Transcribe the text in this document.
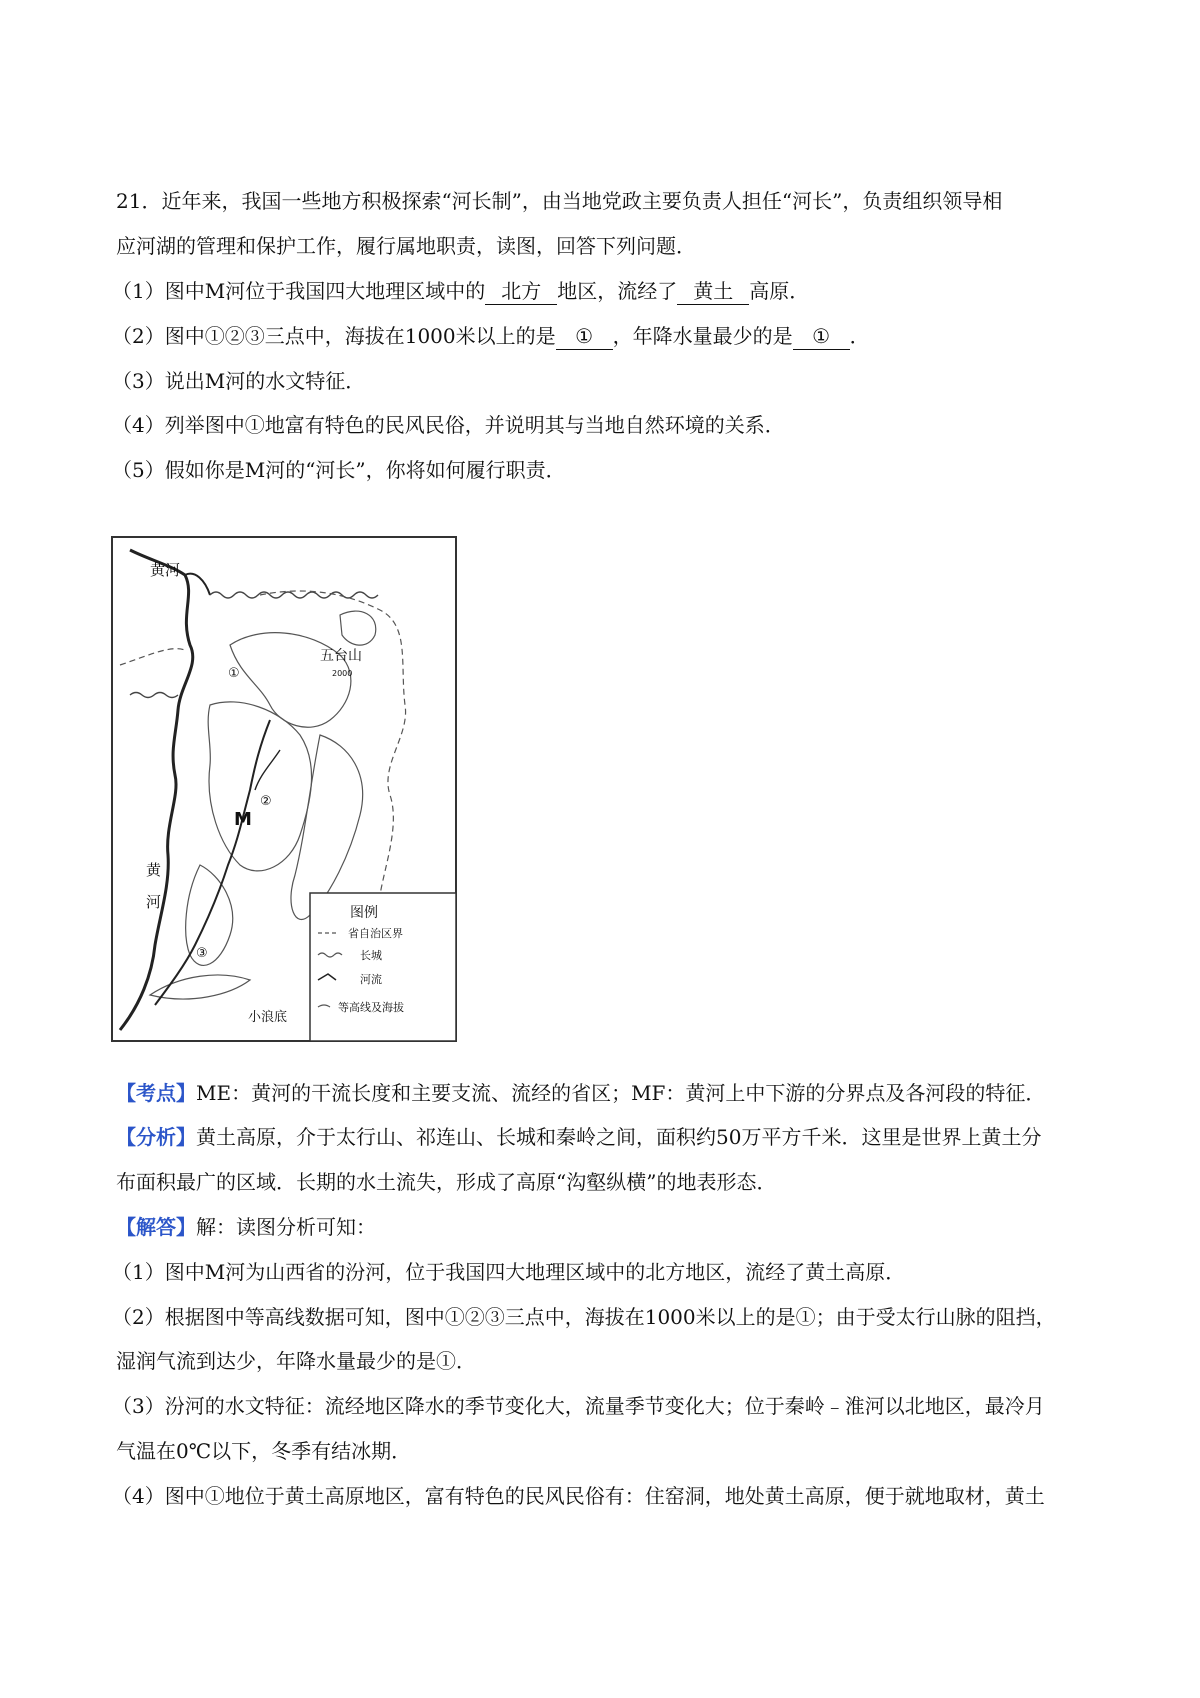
21．近年来，我国一些地方积极探索“河长制”，由当地党政主要负责人担任“河长”，负责组织领导相
应河湖的管理和保护工作，履行属地职责，读图，回答下列问题．
（1）图中M河位于我国四大地理区域中的 北方 地区，流经了 黄土 高原．
（2）图中①②③三点中，海拔在1000米以上的是 ① ，年降水量最少的是 ① ．
（3）说出M河的水文特征．
（4）列举图中①地富有特色的民风民俗，并说明其与当地自然环境的关系．
（5）假如你是M河的“河长”，你将如何履行职责．
黄河
五台山
2000
M
黄
河
①
②
③
小浪底
图例
省自治区界
长城
河流
等高线及海拔
【考点】ME：黄河的干流长度和主要支流、流经的省区；MF：黄河上中下游的分界点及各河段的特征．
【分析】黄土高原，介于太行山、祁连山、长城和秦岭之间，面积约50万平方千米．这里是世界上黄土分
布面积最广的区域．长期的水土流失，形成了高原“沟壑纵横”的地表形态．
【解答】解：读图分析可知：
（1）图中M河为山西省的汾河，位于我国四大地理区域中的北方地区，流经了黄土高原．
（2）根据图中等高线数据可知，图中①②③三点中，海拔在1000米以上的是①；由于受太行山脉的阻挡，
湿润气流到达少，年降水量最少的是①．
（3）汾河的水文特征：流经地区降水的季节变化大，流量季节变化大；位于秦岭﹣淮河以北地区，最冷月
气温在0℃以下，冬季有结冰期．
（4）图中①地位于黄土高原地区，富有特色的民风民俗有：住窑洞，地处黄土高原，便于就地取材，黄土
